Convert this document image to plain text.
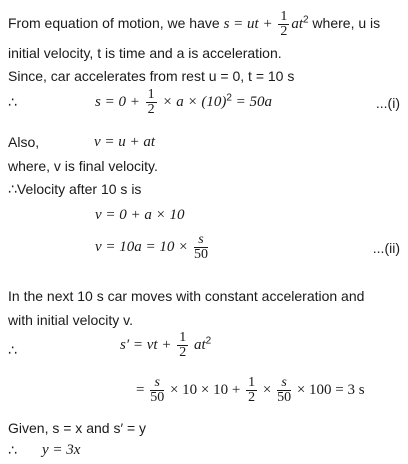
From equation of motion, we have s = ut + $\frac{1}{2} at^2$ where, u is
initial velocity, t is time and a is acceleration.
Since, car accelerates from rest u = 0, t = 10 s
∴	$s = 0 + \frac{1}{2} \times a \times (10)^2 = 50a$	...(i)
Also,	v = u + at
where, v is final velocity.
∴Velocity after 10 s is
v = 0 + a × 10
$v = 10a = 10 \times \frac{s}{50}$	...(ii)
In the next 10 s car moves with constant acceleration and
with initial velocity v.
∴	s′ = vt + $\frac{1}{2} at^2$
= $\frac{s}{50} \times 10 \times 10 + \frac{1}{2} \times \frac{s}{50} \times 100 = 3$ s
Given, s = x and s′ = y
∴ y = 3x
